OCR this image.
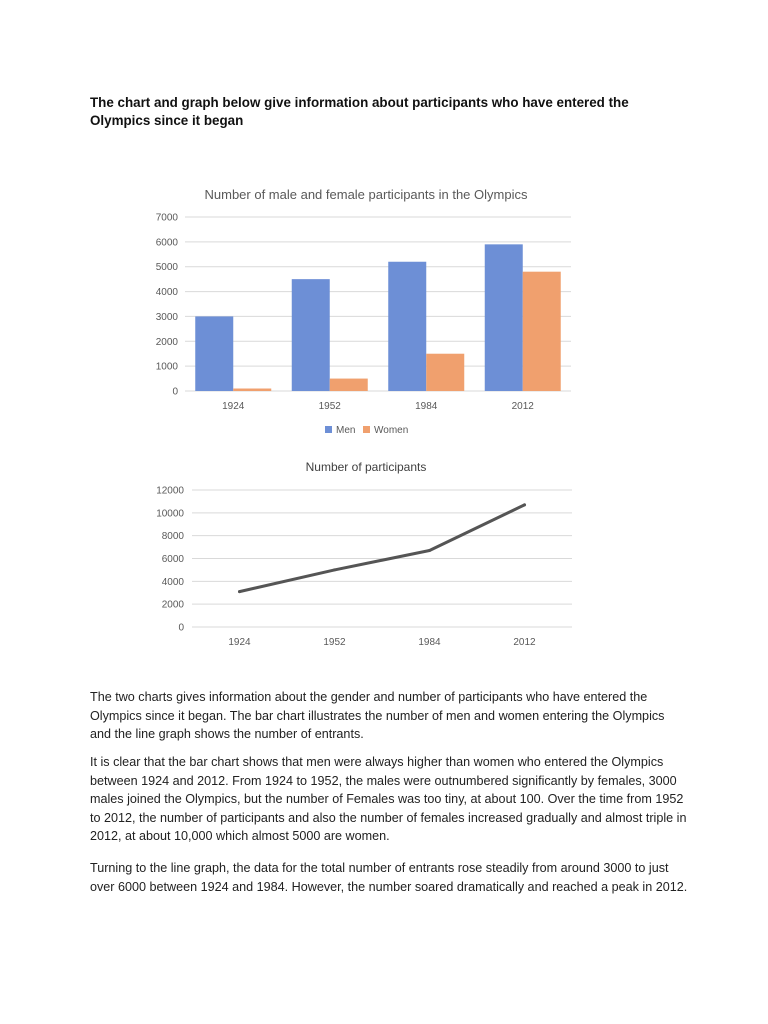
The chart and graph below give information about participants who have entered the Olympics since it began

Number of male and female participants in the Olympics
0
1000
2000
3000
4000
5000
6000
7000
1924	1952	1984	2012
Men Women
Number of participants
0
2000
4000
6000
8000
10000
12000
1924	1952	1984	2012

The two charts gives information about the gender and number of participants who have entered the Olympics since it began. The bar chart illustrates the number of men and women entering the Olympics and the line graph shows the number of entrants.

It is clear that the bar chart shows that men were always higher than women who entered the Olympics between 1924 and 2012. From 1924 to 1952, the males were outnumbered significantly by females, 3000 males joined the Olympics, but the number of Females was too tiny, at about 100. Over the time from 1952 to 2012, the number of participants and also the number of females increased gradually and almost triple in 2012, at about 10,000 which almost 5000 are women.

Turning to the line graph, the data for the total number of entrants rose steadily from around 3000 to just over 6000 between 1924 and 1984. However, the number soared dramatically and reached a peak in 2012.
